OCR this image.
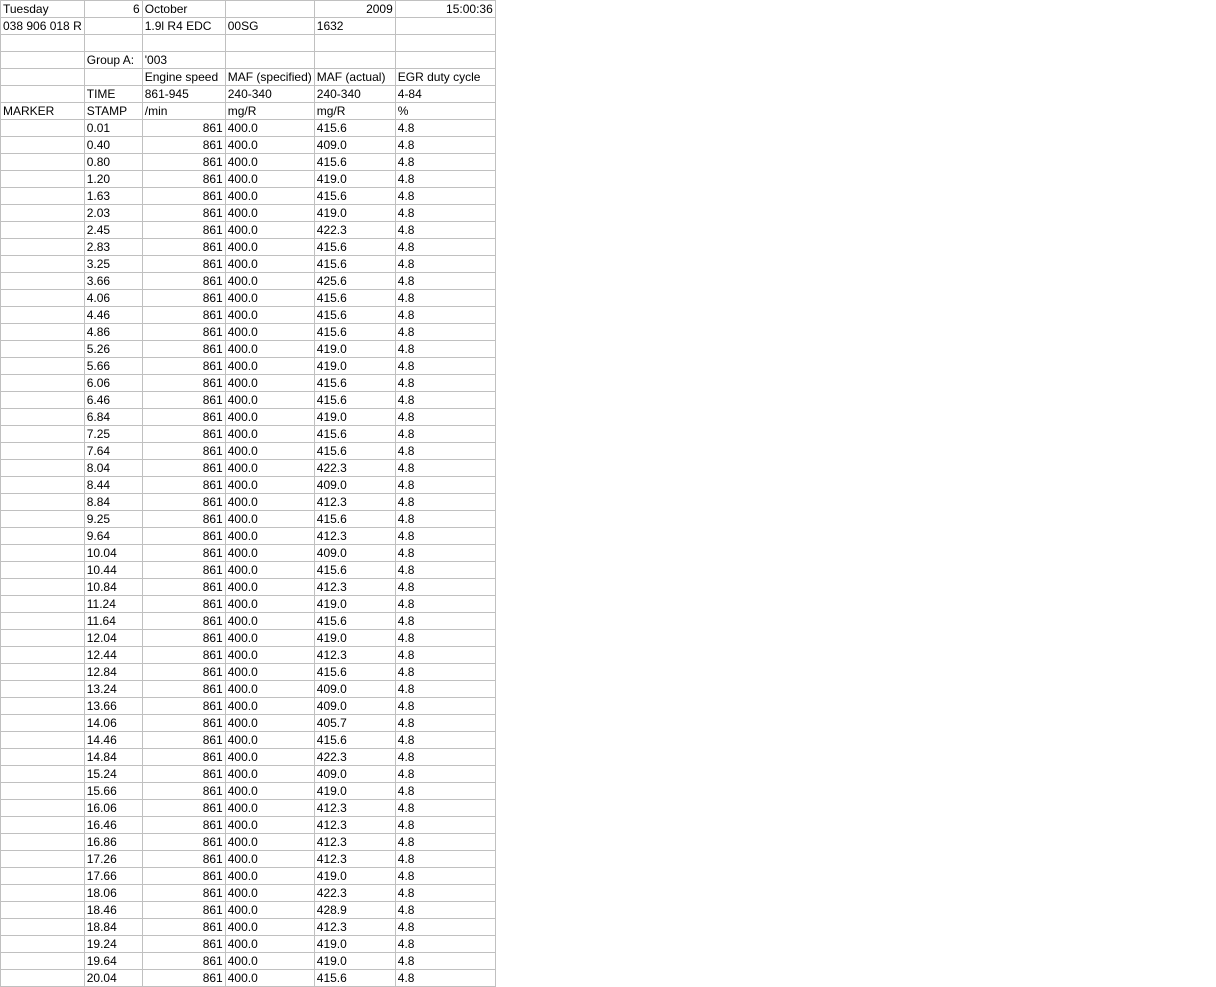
Tuesday	6	October		2009	15:00:36
038 906 018 R		1.9l R4 EDC	00SG	1632	

	Group A:	'003			
		Engine speed	MAF (specified)	MAF (actual)	EGR duty cycle
	TIME	861-945	240-340	240-340	4-84
MARKER	STAMP	/min	mg/R	mg/R	%
	0.01	861	400.0	415.6	4.8
	0.40	861	400.0	409.0	4.8
	0.80	861	400.0	415.6	4.8
	1.20	861	400.0	419.0	4.8
	1.63	861	400.0	415.6	4.8
	2.03	861	400.0	419.0	4.8
	2.45	861	400.0	422.3	4.8
	2.83	861	400.0	415.6	4.8
	3.25	861	400.0	415.6	4.8
	3.66	861	400.0	425.6	4.8
	4.06	861	400.0	415.6	4.8
	4.46	861	400.0	415.6	4.8
	4.86	861	400.0	415.6	4.8
	5.26	861	400.0	419.0	4.8
	5.66	861	400.0	419.0	4.8
	6.06	861	400.0	415.6	4.8
	6.46	861	400.0	415.6	4.8
	6.84	861	400.0	419.0	4.8
	7.25	861	400.0	415.6	4.8
	7.64	861	400.0	415.6	4.8
	8.04	861	400.0	422.3	4.8
	8.44	861	400.0	409.0	4.8
	8.84	861	400.0	412.3	4.8
	9.25	861	400.0	415.6	4.8
	9.64	861	400.0	412.3	4.8
	10.04	861	400.0	409.0	4.8
	10.44	861	400.0	415.6	4.8
	10.84	861	400.0	412.3	4.8
	11.24	861	400.0	419.0	4.8
	11.64	861	400.0	415.6	4.8
	12.04	861	400.0	419.0	4.8
	12.44	861	400.0	412.3	4.8
	12.84	861	400.0	415.6	4.8
	13.24	861	400.0	409.0	4.8
	13.66	861	400.0	409.0	4.8
	14.06	861	400.0	405.7	4.8
	14.46	861	400.0	415.6	4.8
	14.84	861	400.0	422.3	4.8
	15.24	861	400.0	409.0	4.8
	15.66	861	400.0	419.0	4.8
	16.06	861	400.0	412.3	4.8
	16.46	861	400.0	412.3	4.8
	16.86	861	400.0	412.3	4.8
	17.26	861	400.0	412.3	4.8
	17.66	861	400.0	419.0	4.8
	18.06	861	400.0	422.3	4.8
	18.46	861	400.0	428.9	4.8
	18.84	861	400.0	412.3	4.8
	19.24	861	400.0	419.0	4.8
	19.64	861	400.0	419.0	4.8
	20.04	861	400.0	415.6	4.8
